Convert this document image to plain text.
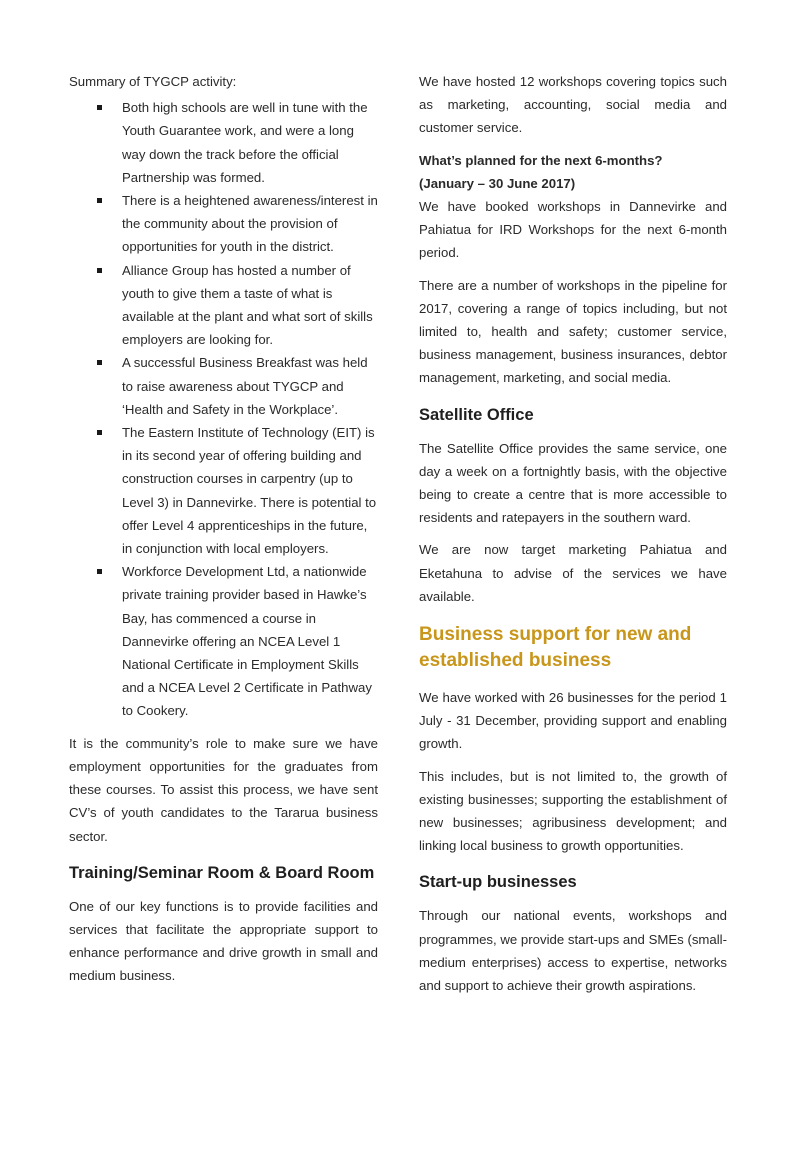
Summary of TYGCP activity:

Both high schools are well in tune with the Youth Guarantee work, and were a long way down the track before the official Partnership was formed.
There is a heightened awareness/interest in the community about the provision of opportunities for youth in the district.
Alliance Group has hosted a number of youth to give them a taste of what is available at the plant and what sort of skills employers are looking for.
A successful Business Breakfast was held to raise awareness about TYGCP and ‘Health and Safety in the Workplace’.
The Eastern Institute of Technology (EIT) is in its second year of offering building and construction courses in carpentry (up to Level 3) in Dannevirke. There is potential to offer Level 4 apprenticeships in the future, in conjunction with local employers.
Workforce Development Ltd, a nationwide private training provider based in Hawke’s Bay, has commenced a course in Dannevirke offering an NCEA Level 1 National Certificate in Employment Skills and a NCEA Level 2 Certificate in Pathway to Cookery.

It is the community’s role to make sure we have employment opportunities for the graduates from these courses. To assist this process, we have sent CV’s of youth candidates to the Tararua business sector.

Training/Seminar Room & Board Room

One of our key functions is to provide facilities and services that facilitate the appropriate support to enhance performance and drive growth in small and medium business.

We have hosted 12 workshops covering topics such as marketing, accounting, social media and customer service.

What’s planned for the next 6-months?
(January – 30 June 2017)

We have booked workshops in Dannevirke and Pahiatua for IRD Workshops for the next 6-month period.

There are a number of workshops in the pipeline for 2017, covering a range of topics including, but not limited to, health and safety; customer service, business management, business insurances, debtor management, marketing, and social media.

Satellite Office

The Satellite Office provides the same service, one day a week on a fortnightly basis, with the objective being to create a centre that is more accessible to residents and ratepayers in the southern ward.

We are now target marketing Pahiatua and Eketahuna to advise of the services we have available.

Business support for new and established business

We have worked with 26 businesses for the period 1 July - 31 December, providing support and enabling growth.

This includes, but is not limited to, the growth of existing businesses; supporting the establishment of new businesses; agribusiness development; and linking local business to growth opportunities.

Start-up businesses

Through our national events, workshops and programmes, we provide start-ups and SMEs (small-medium enterprises) access to expertise, networks and support to achieve their growth aspirations.
